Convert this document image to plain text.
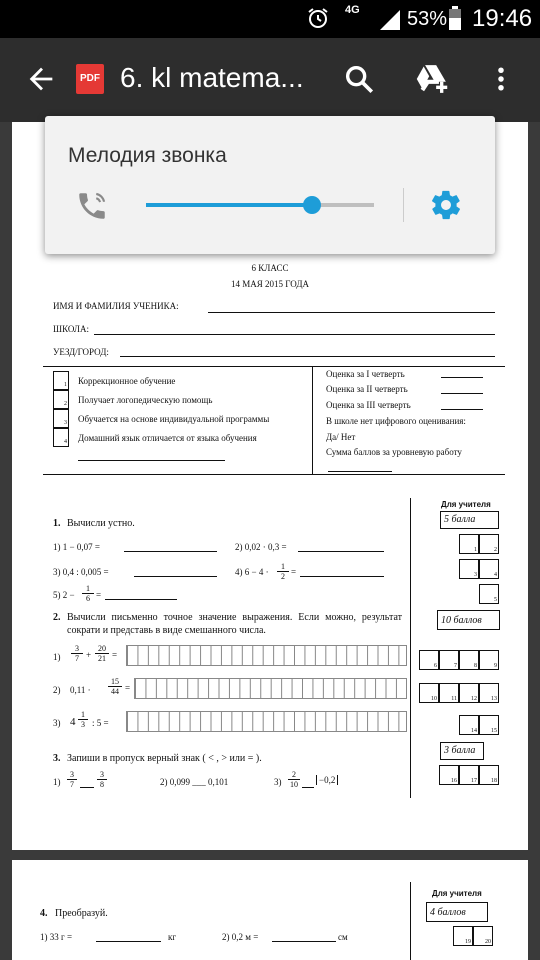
4G 53% 19:46
PDF 6. kl matema...
6 КЛАСС
14 МАЯ 2015 ГОДА
ИМЯ И ФАМИЛИЯ УЧЕНИКА:
ШКОЛА:
УЕЗД/ГОРОД:
1 Коррекционное обучение
2 Получает логопедическую помощь
3 Обучается на основе индивидуальной программы
4 Домашний язык отличается от языка обучения
Оценка за I четверть
Оценка за II четверть
Оценка за III четверть
В школе нет цифрового оценивания:
Да/ Нет
Сумма баллов за уровневую работу
Для учителя
1. Вычисли устно.
1) 1 − 0,07 =	2) 0,02 · 0,3 =
3) 0,4 : 0,005 =	4) 6 − 4 ·
1
2 =
5) 2 −
1
6 =
5 балла
1	2
3	4
5
2. Вычисли письменно точное значение выражения. Если можно, результат сократи и представь в виде смешанного числа.
1)
3
7 +
20
21 =
2) 0,11 ·
15
44 =
3) 4
1
3 : 5 =
10 баллов
6	7	8	9
10	11	12	13
14	15
3. Запиши в пропуск верный знак ( < , > или = ).
1)
3
7
3
8	2) 0,099 ___ 0,101	3)
2
10	−0,2
3 балла
16	17	18
Для учителя
4. Преобразуй.	4 баллов
19	20
1) 33 г =	кг	2) 0,2 м =	см
Мелодия звонка
